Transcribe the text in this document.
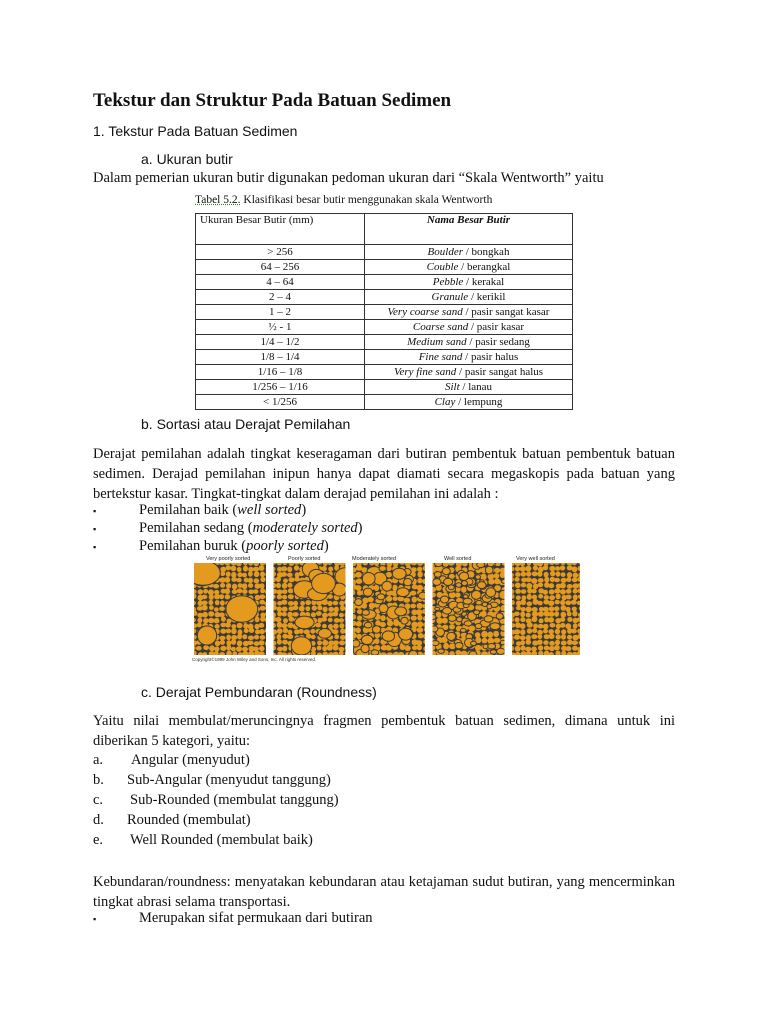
Tekstur dan Struktur Pada Batuan Sedimen
1. Tekstur Pada Batuan Sedimen
a. Ukuran butir
Dalam pemerian ukuran butir digunakan pedoman ukuran dari “Skala Wentworth” yaitu
b. Sortasi atau Derajat Pemilahan

Derajat pemilahan adalah tingkat keseragaman dari butiran pembentuk batuan pembentuk batuan sedimen. Derajad pemilahan inipun hanya dapat diamati secara megaskopis pada batuan yang bertekstur kasar. Tingkat-tingkat dalam derajad pemilahan ini adalah :

▪	Pemilahan baik (well sorted)
▪	Pemilahan sedang (moderately sorted)
▪	Pemilahan buruk (poorly sorted)
c. Derajat Pembundaran (Roundness)

Yaitu nilai membulat/meruncingnya fragmen pembentuk batuan sedimen, dimana untuk ini diberikan 5 kategori, yaitu:

a. Angular (menyudut)
b. Sub-Angular (menyudut tanggung)
c. Sub-Rounded (membulat tanggung)
d. Rounded (membulat)
e. Well Rounded (membulat baik)

Kebundaran/roundness: menyatakan kebundaran atau ketajaman sudut butiran, yang mencerminkan tingkat abrasi selama transportasi.

▪	Merupakan sifat permukaan dari butiran
Tabel 5.2. Klasifikasi besar butir menggunakan skala Wentworth
Ukuran Besar Butir (mm)	Nama Besar Butir
> 256	Boulder / bongkah
64 – 256	Couble / berangkal
4 – 64	Pebble / kerakal
2 – 4	Granule / kerikil
1 – 2	Very coarse sand / pasir sangat kasar
½ - 1	Coarse sand / pasir kasar
1/4 – 1/2	Medium sand / pasir sedang
1/8 – 1/4	Fine sand / pasir halus
1/16 – 1/8	Very fine sand / pasir sangat halus
1/256 – 1/16	Silt / lanau
< 1/256	Clay / lempung
Very poorly sorted	Poorly sorted	Moderately sorted	Well sorted	Very well sorted
Copyright©1999 John Wiley and Sons, Inc. All rights reserved.
